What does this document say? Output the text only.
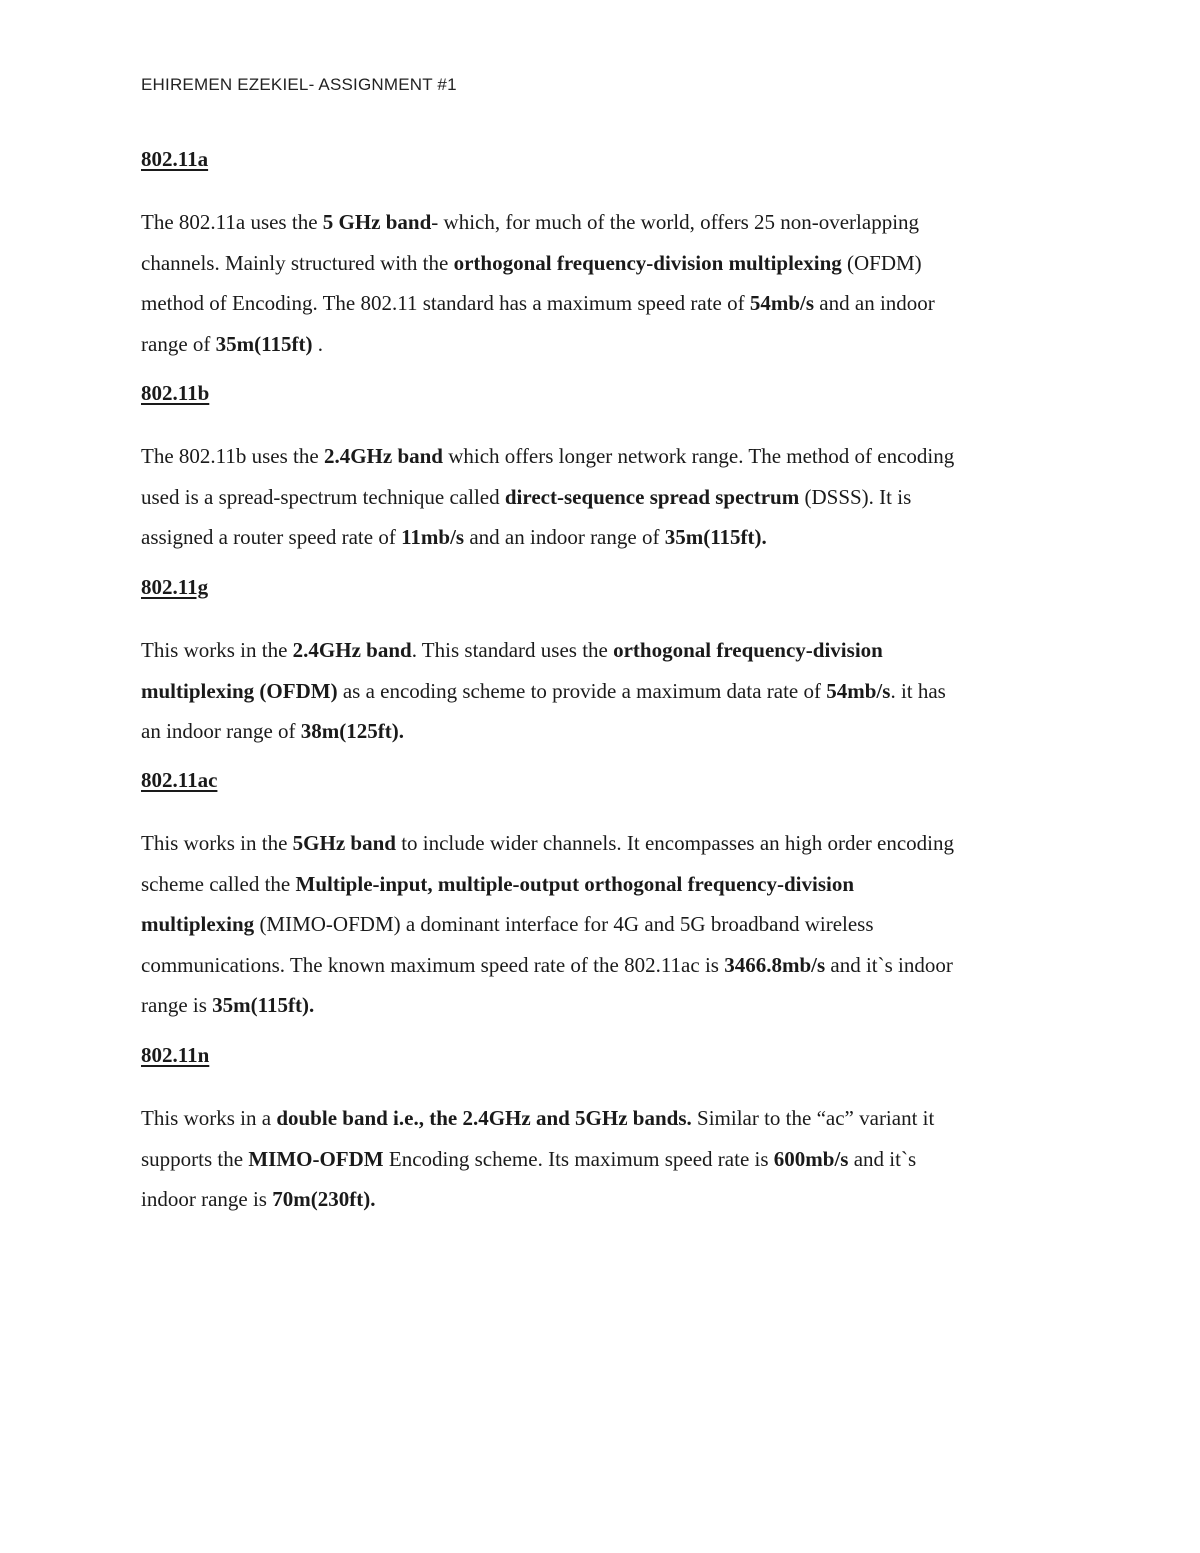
EHIREMEN EZEKIEL- ASSIGNMENT #1
802.11a
The 802.11a uses the 5 GHz band- which, for much of the world, offers 25 non-overlapping
channels. Mainly structured with the orthogonal frequency-division multiplexing (OFDM)
method of Encoding. The 802.11 standard has a maximum speed rate of 54mb/s and an indoor
range of 35m(115ft) .
802.11b
The 802.11b uses the 2.4GHz band which offers longer network range. The method of encoding
used is a spread-spectrum technique called direct-sequence spread spectrum (DSSS). It is
assigned a router speed rate of 11mb/s and an indoor range of 35m(115ft).
802.11g
This works in the 2.4GHz band. This standard uses the orthogonal frequency-division
multiplexing (OFDM) as a encoding scheme to provide a maximum data rate of 54mb/s. it has
an indoor range of 38m(125ft).
802.11ac
This works in the 5GHz band to include wider channels. It encompasses an high order encoding
scheme called the Multiple-input, multiple-output orthogonal frequency-division
multiplexing (MIMO-OFDM) a dominant interface for 4G and 5G broadband wireless
communications. The known maximum speed rate of the 802.11ac is 3466.8mb/s and it`s indoor
range is 35m(115ft).
802.11n
This works in a double band i.e., the 2.4GHz and 5GHz bands. Similar to the “ac” variant it
supports the MIMO-OFDM Encoding scheme. Its maximum speed rate is 600mb/s and it`s
indoor range is 70m(230ft).
